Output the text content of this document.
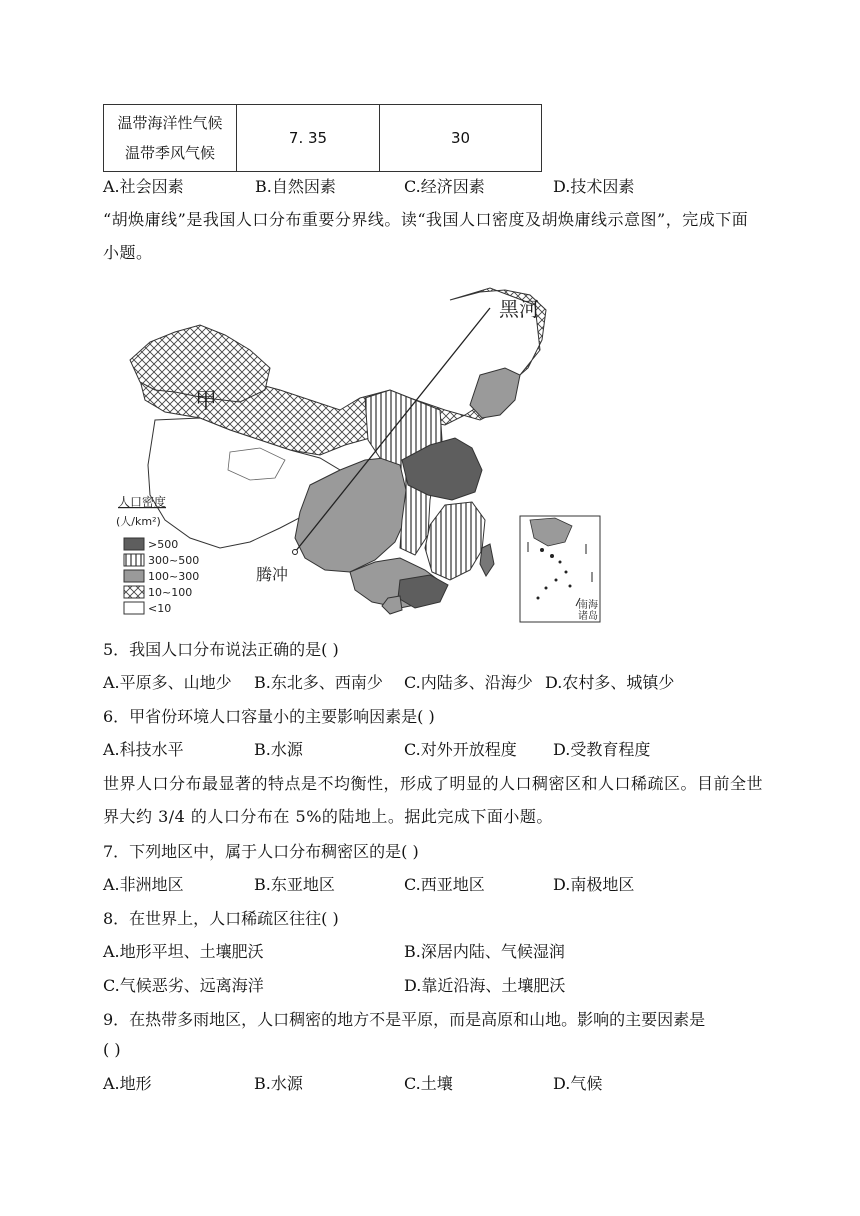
温带海洋性气候
温带季风气候
	7. 35	30
A.社会因素	B.自然因素	C.经济因素	D.技术因素
“胡焕庸线”是我国人口分布重要分界线。读“我国人口密度及胡焕庸线示意图”，完成下面小题。
黑河
甲
腾冲
人口密度
(人/km²)
>500
300~500
100~300
10~100
<10	南海
诸岛
5．我国人口分布说法正确的是( )
A.平原多、山地少 B.东北多、西南少 C.内陆多、沿海少 D.农村多、城镇少
6．甲省份环境人口容量小的主要影响因素是( )
A.科技水平	B.水源	C.对外开放程度 D.受教育程度
世界人口分布最显著的特点是不均衡性，形成了明显的人口稠密区和人口稀疏区。目前全世界大约 3/4 的人口分布在 5%的陆地上。据此完成下面小题。
7．下列地区中，属于人口分布稠密区的是( )
A.非洲地区	B.东亚地区	C.西亚地区	D.南极地区
8．在世界上，人口稀疏区往往( )
A.地形平坦、土壤肥沃	B.深居内陆、气候湿润
C.气候恶劣、远离海洋	D.靠近沿海、土壤肥沃
9．在热带多雨地区，人口稠密的地方不是平原，而是高原和山地。影响的主要因素是
( )
A.地形	B.水源	C.土壤	D.气候
